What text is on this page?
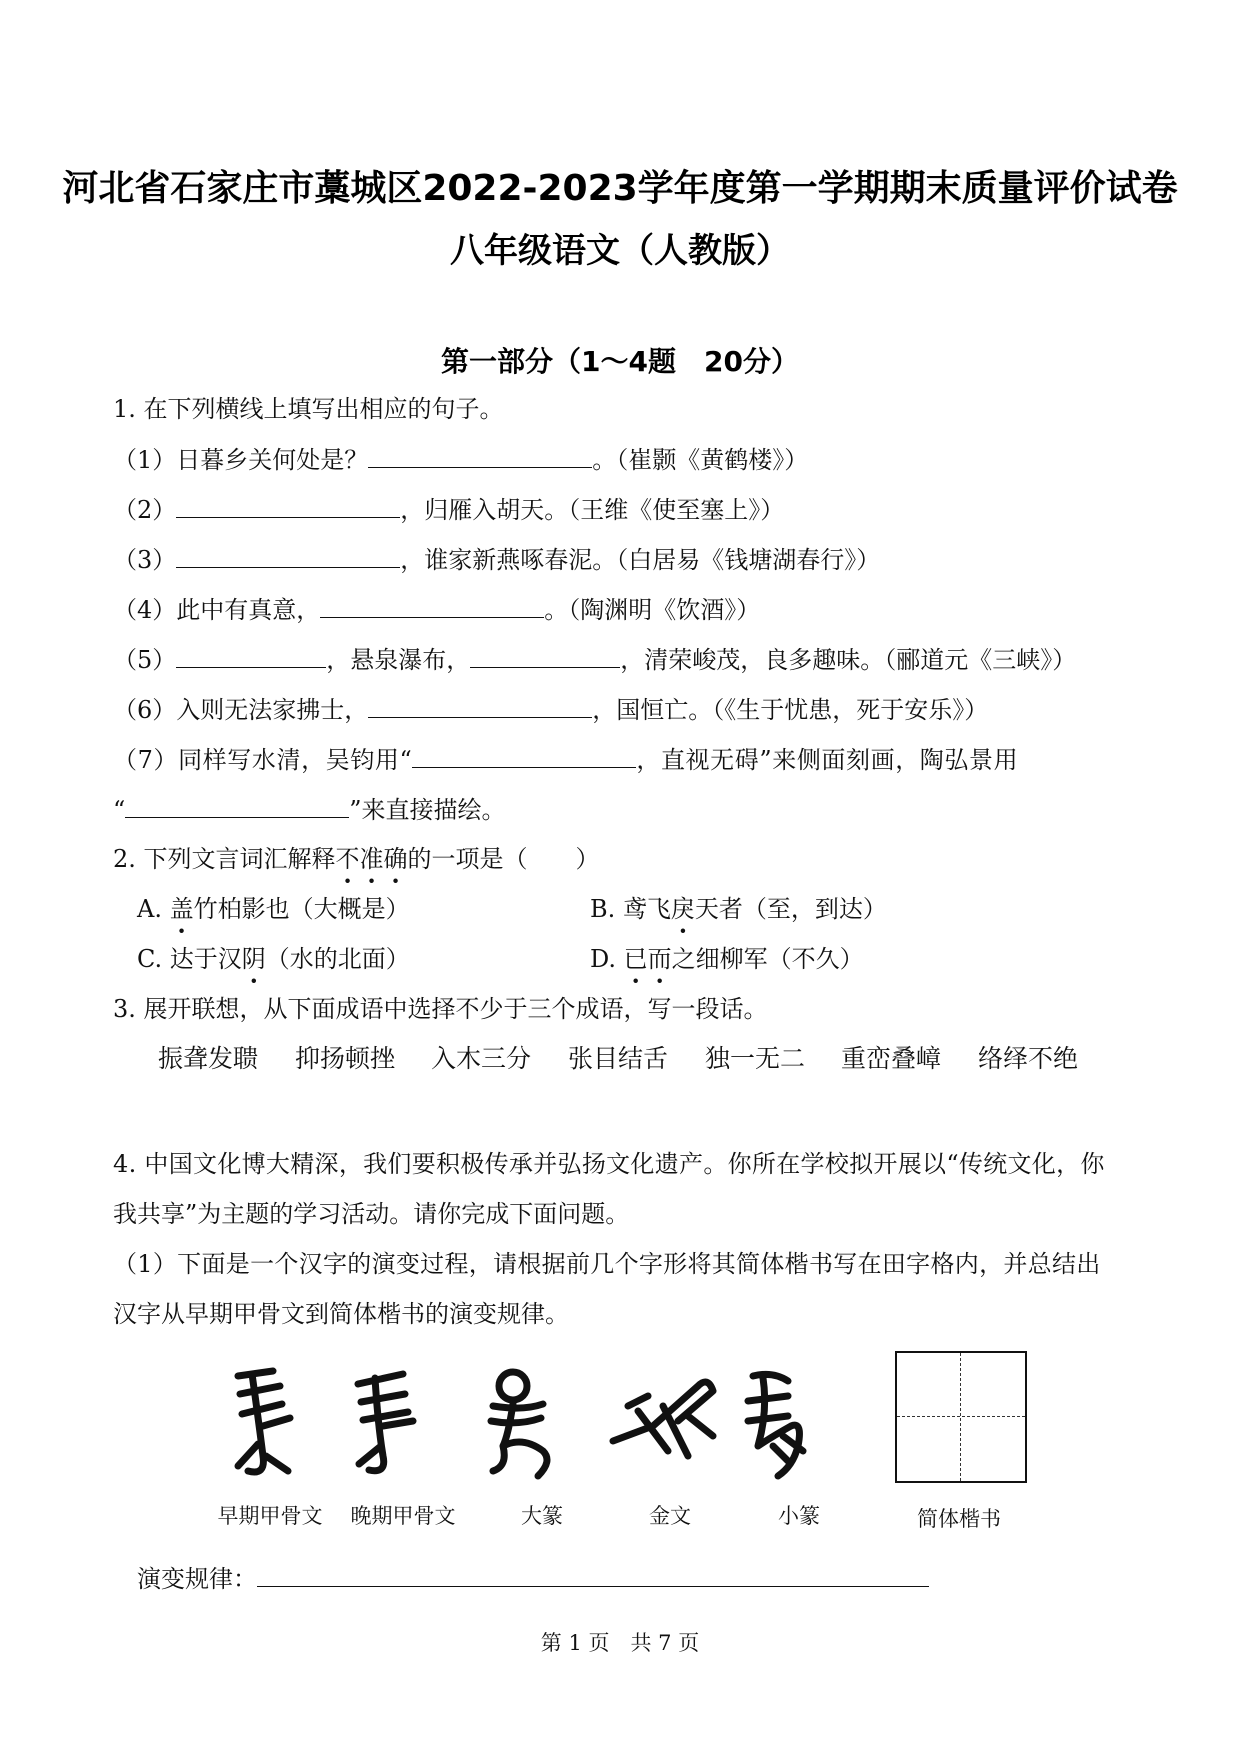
河北省石家庄市藁城区2022-2023学年度第一学期期末质量评价试卷
八年级语文（人教版）
第一部分（1～4题　20分）
1. 在下列横线上填写出相应的句子。
（1）日暮乡关何处是？	。（崔颢《黄鹤楼》）
（2）	，归雁入胡天。（王维《使至塞上》）
（3）	，谁家新燕啄春泥。（白居易《钱塘湖春行》）
（4）此中有真意，	。（陶渊明《饮酒》）
（5）	，悬泉瀑布，	，清荣峻茂，良多趣味。（郦道元《三峡》）
（6）入则无法家拂士，	，国恒亡。（《生于忧患，死于安乐》）
（7）同样写水清，吴钧用“	，直视无碍”来侧面刻画，陶弘景用
“	”来直接描绘。
2. 下列文言词汇解释不准确的一项是（　　）
A. 盖竹柏影也（大概是）	B. 鸢飞戾天者（至，到达）
C. 达于汉阴（水的北面）	D. 已而之细柳军（不久）
3. 展开联想，从下面成语中选择不少于三个成语，写一段话。
振聋发聩 抑扬顿挫 入木三分 张目结舌 独一无二 重峦叠嶂 络绎不绝
4. 中国文化博大精深，我们要积极传承并弘扬文化遗产。你所在学校拟开展以“传统文化，你
我共享”为主题的学习活动。请你完成下面问题。
（1）下面是一个汉字的演变过程，请根据前几个字形将其简体楷书写在田字格内，并总结出
汉字从早期甲骨文到简体楷书的演变规律。
早期甲骨文	晚期甲骨文	大篆	金文	小篆	简体楷书
演变规律：
第 1 页　共 7 页
